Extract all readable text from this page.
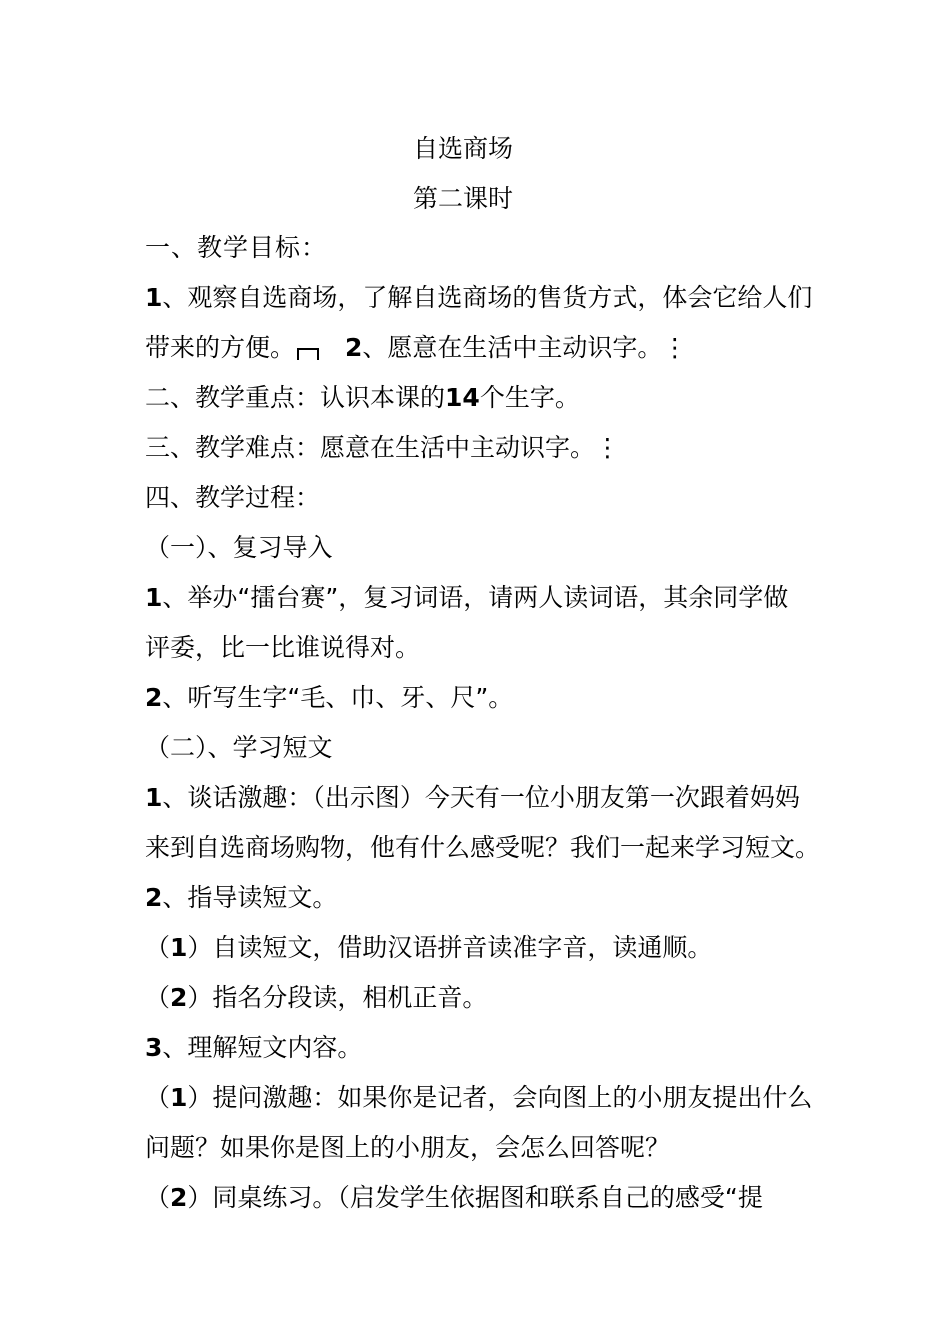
自选商场
第二课时
一、教学目标：
1、观察自选商场，了解自选商场的售货方式，体会它给人们
带来的方便。 2、愿意在生活中主动识字。⋮
二、教学重点：认识本课的14个生字。
三、教学难点：愿意在生活中主动识字。⋮
四、教学过程：
（一）、复习导入
1、举办“擂台赛”，复习词语，请两人读词语，其余同学做
评委，比一比谁说得对。
2、听写生字“毛、巾、牙、尺”。
（二）、学习短文
1、谈话激趣：（出示图）今天有一位小朋友第一次跟着妈妈
来到自选商场购物，他有什么感受呢？我们一起来学习短文。
2、指导读短文。
（1）自读短文，借助汉语拼音读准字音，读通顺。
（2）指名分段读，相机正音。
3、理解短文内容。
（1）提问激趣：如果你是记者，会向图上的小朋友提出什么
问题？如果你是图上的小朋友，会怎么回答呢？
（2）同桌练习。（启发学生依据图和联系自己的感受“提
